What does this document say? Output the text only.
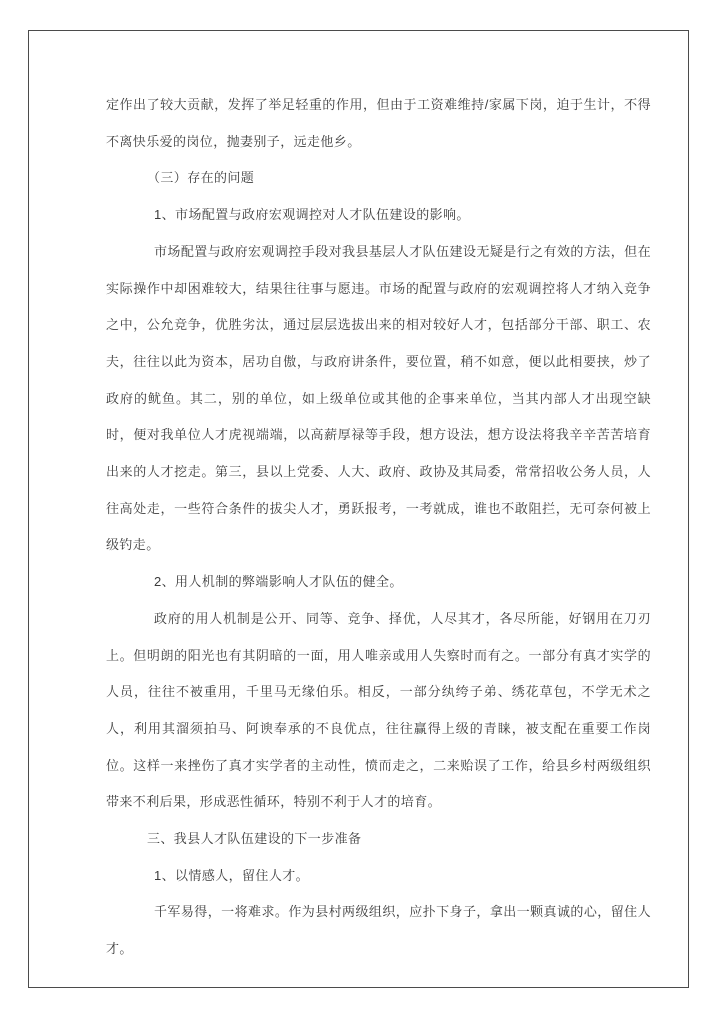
定作出了较大贡献，发挥了举足轻重的作用，但由于工资难维持/家属下岗，迫于生计，不得不离快乐爱的岗位，抛妻别子，远走他乡。
（三）存在的问题
1、市场配置与政府宏观调控对人才队伍建设的影响。
市场配置与政府宏观调控手段对我县基层人才队伍建设无疑是行之有效的方法，但在实际操作中却困难较大，结果往往事与愿违。市场的配置与政府的宏观调控将人才纳入竞争之中，公允竞争，优胜劣汰，通过层层选拔出来的相对较好人才，包括部分干部、职工、农夫，往往以此为资本，居功自傲，与政府讲条件，要位置，稍不如意，便以此相要挟，炒了政府的鱿鱼。其二，别的单位，如上级单位或其他的企事来单位，当其内部人才出现空缺时，便对我单位人才虎视端端，以高薪厚禄等手段，想方设法，想方设法将我辛辛苦苦培育出来的人才挖走。第三，县以上党委、人大、政府、政协及其局委，常常招收公务人员，人往高处走，一些符合条件的拔尖人才，勇跃报考，一考就成，谁也不敢阻拦，无可奈何被上级钓走。
2、用人机制的弊端影响人才队伍的健全。
政府的用人机制是公开、同等、竞争、择优，人尽其才，各尽所能，好钢用在刀刃上。但明朗的阳光也有其阴暗的一面，用人唯亲或用人失察时而有之。一部分有真才实学的人员，往往不被重用，千里马无缘伯乐。相反，一部分纨绔子弟、绣花草包，不学无术之人，利用其溜须拍马、阿谀奉承的不良优点，往往赢得上级的青睐，被支配在重要工作岗位。这样一来挫伤了真才实学者的主动性，愤而走之，二来贻误了工作，给县乡村两级组织带来不利后果，形成恶性循环，特别不利于人才的培育。
三、我县人才队伍建设的下一步准备
1、以情感人，留住人才。
千军易得，一将难求。作为县村两级组织，应扑下身子，拿出一颗真诚的心，留住人才。
